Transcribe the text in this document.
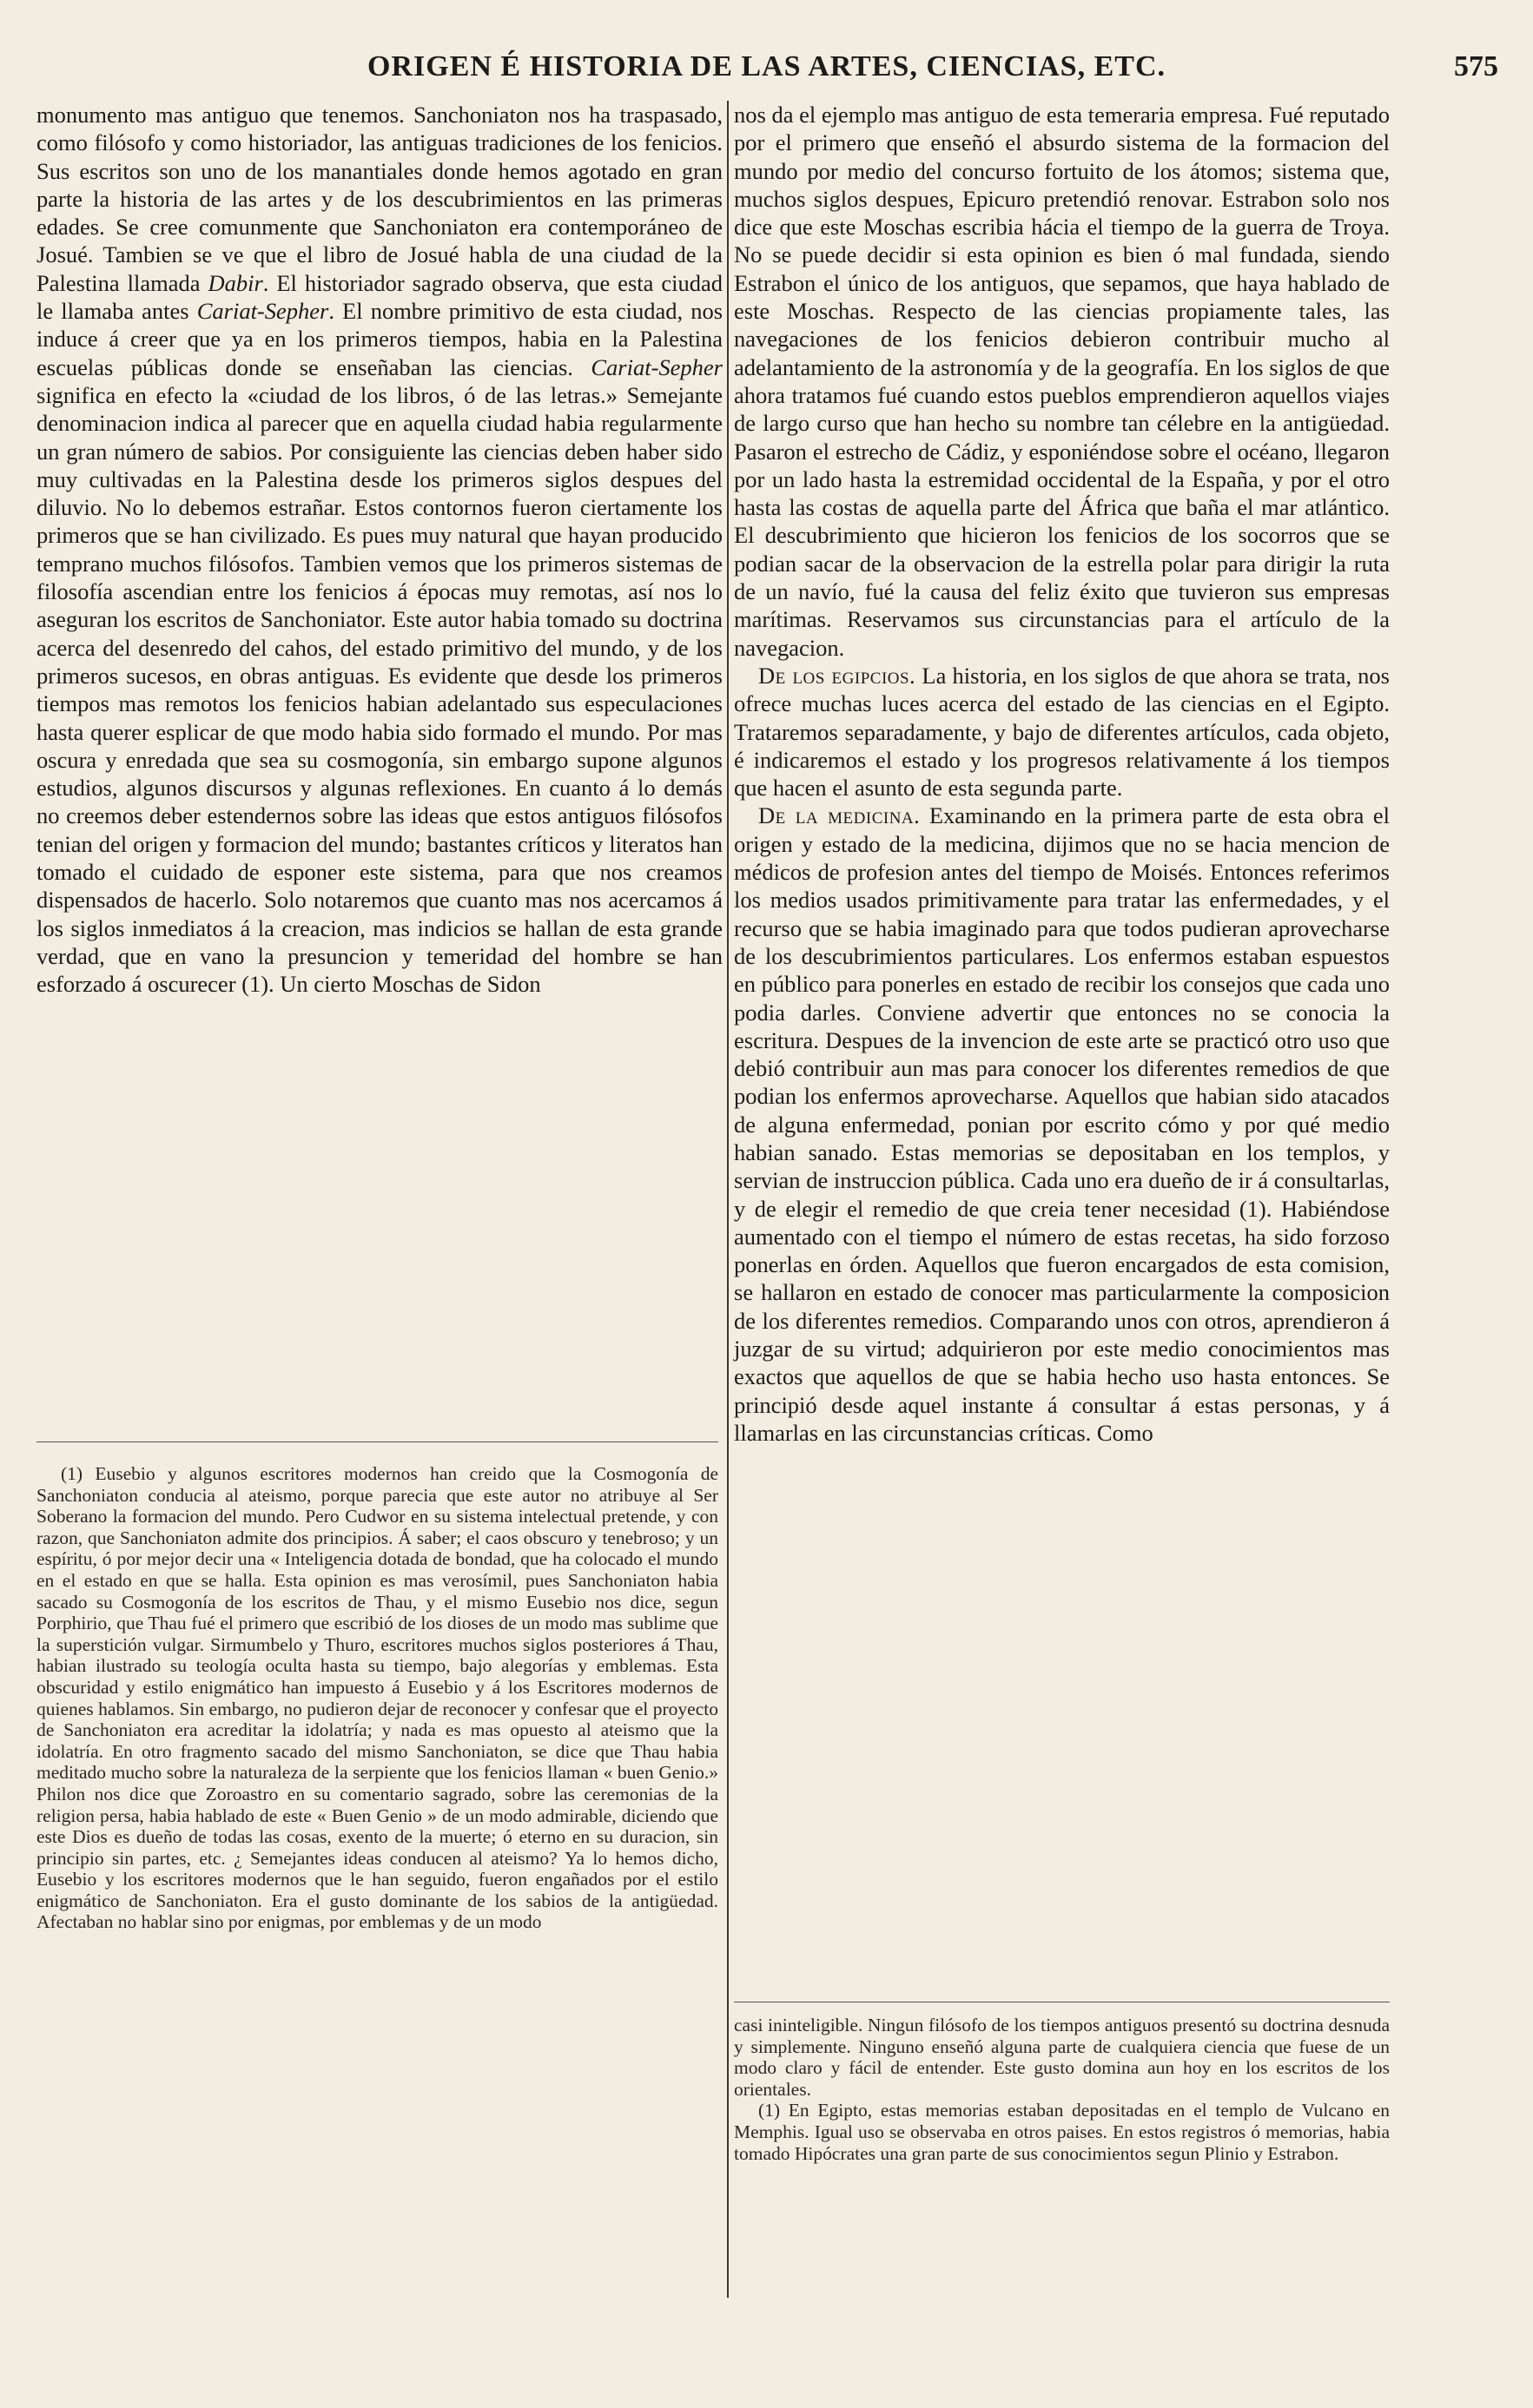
ORIGEN É HISTORIA DE LAS ARTES, CIENCIAS, ETC.	575

monumento mas antiguo que tenemos. Sanchoniaton nos ha traspasado, como filósofo y como historiador, las antiguas tradiciones de los fenicios. Sus escritos son uno de los manantiales donde hemos agotado en gran parte la historia de las artes y de los descubrimientos en las primeras edades. Se cree comunmente que Sanchoniaton era contemporáneo de Josué. Tambien se ve que el libro de Josué habla de una ciudad de la Palestina llamada Dabir. El historiador sagrado observa, que esta ciudad le llamaba antes Cariat-Sepher. El nombre primitivo de esta ciudad, nos induce á creer que ya en los primeros tiempos, habia en la Palestina escuelas públicas donde se enseñaban las ciencias. Cariat-Sepher significa en efecto la «ciudad de los libros, ó de las letras.» Semejante denominacion indica al parecer que en aquella ciudad habia regularmente un gran número de sabios. Por consiguiente las ciencias deben haber sido muy cultivadas en la Palestina desde los primeros siglos despues del diluvio. No lo debemos estrañar. Estos contornos fueron ciertamente los primeros que se han civilizado. Es pues muy natural que hayan producido temprano muchos filósofos. Tambien vemos que los primeros sistemas de filosofía ascendian entre los fenicios á épocas muy remotas, así nos lo aseguran los escritos de Sanchoniator. Este autor habia tomado su doctrina acerca del desenredo del cahos, del estado primitivo del mundo, y de los primeros sucesos, en obras antiguas. Es evidente que desde los primeros tiempos mas remotos los fenicios habian adelantado sus especulaciones hasta querer esplicar de que modo habia sido formado el mundo. Por mas oscura y enredada que sea su cosmogonía, sin embargo supone algunos estudios, algunos discursos y algunas reflexiones. En cuanto á lo demás no creemos deber estendernos sobre las ideas que estos antiguos filósofos tenian del origen y formacion del mundo; bastantes críticos y literatos han tomado el cuidado de esponer este sistema, para que nos creamos dispensados de hacerlo. Solo notaremos que cuanto mas nos acercamos á los siglos inmediatos á la creacion, mas indicios se hallan de esta grande verdad, que en vano la presuncion y temeridad del hombre se han esforzado á oscurecer (1). Un cierto Moschas de Sidon

nos da el ejemplo mas antiguo de esta temeraria empresa. Fué reputado por el primero que enseñó el absurdo sistema de la formacion del mundo por medio del concurso fortuito de los átomos; sistema que, muchos siglos despues, Epicuro pretendió renovar. Estrabon solo nos dice que este Moschas escribia hácia el tiempo de la guerra de Troya. No se puede decidir si esta opinion es bien ó mal fundada, siendo Estrabon el único de los antiguos, que sepamos, que haya hablado de este Moschas. Respecto de las ciencias propiamente tales, las navegaciones de los fenicios debieron contribuir mucho al adelantamiento de la astronomía y de la geografía. En los siglos de que ahora tratamos fué cuando estos pueblos emprendieron aquellos viajes de largo curso que han hecho su nombre tan célebre en la antigüedad. Pasaron el estrecho de Cádiz, y esponiéndose sobre el océano, llegaron por un lado hasta la estremidad occidental de la España, y por el otro hasta las costas de aquella parte del África que baña el mar atlántico. El descubrimiento que hicieron los fenicios de los socorros que se podian sacar de la observacion de la estrella polar para dirigir la ruta de un navío, fué la causa del feliz éxito que tuvieron sus empresas marítimas. Reservamos sus circunstancias para el artículo de la navegacion.

De los egipcios. La historia, en los siglos de que ahora se trata, nos ofrece muchas luces acerca del estado de las ciencias en el Egipto. Trataremos separadamente, y bajo de diferentes artículos, cada objeto, é indicaremos el estado y los progresos relativamente á los tiempos que hacen el asunto de esta segunda parte.

De la medicina. Examinando en la primera parte de esta obra el origen y estado de la medicina, dijimos que no se hacia mencion de médicos de profesion antes del tiempo de Moisés. Entonces referimos los medios usados primitivamente para tratar las enfermedades, y el recurso que se habia imaginado para que todos pudieran aprovecharse de los descubrimientos particulares. Los enfermos estaban espuestos en público para ponerles en estado de recibir los consejos que cada uno podia darles. Conviene advertir que entonces no se conocia la escritura. Despues de la invencion de este arte se practicó otro uso que debió contribuir aun mas para conocer los diferentes remedios de que podian los enfermos aprovecharse. Aquellos que habian sido atacados de alguna enfermedad, ponian por escrito cómo y por qué medio habian sanado. Estas memorias se depositaban en los templos, y servian de instruccion pública. Cada uno era dueño de ir á consultarlas, y de elegir el remedio de que creia tener necesidad (1). Habiéndose aumentado con el tiempo el número de estas recetas, ha sido forzoso ponerlas en órden. Aquellos que fueron encargados de esta comision, se hallaron en estado de conocer mas particularmente la composicion de los diferentes remedios. Comparando unos con otros, aprendieron á juzgar de su virtud; adquirieron por este medio conocimientos mas exactos que aquellos de que se habia hecho uso hasta entonces. Se principió desde aquel instante á consultar á estas personas, y á llamarlas en las circunstancias críticas. Como

(1) Eusebio y algunos escritores modernos han creido que la Cosmogonía de Sanchoniaton conducia al ateismo, porque parecia que este autor no atribuye al Ser Soberano la formacion del mundo. Pero Cudwor en su sistema intelectual pretende, y con razon, que Sanchoniaton admite dos principios. Á saber; el caos obscuro y tenebroso; y un espíritu, ó por mejor decir una « Inteligencia dotada de bondad, que ha colocado el mundo en el estado en que se halla. Esta opinion es mas verosímil, pues Sanchoniaton habia sacado su Cosmogonía de los escritos de Thau, y el mismo Eusebio nos dice, segun Porphirio, que Thau fué el primero que escribió de los dioses de un modo mas sublime que la superstición vulgar. Sirmumbelo y Thuro, escritores muchos siglos posteriores á Thau, habian ilustrado su teología oculta hasta su tiempo, bajo alegorías y emblemas. Esta obscuridad y estilo enigmático han impuesto á Eusebio y á los Escritores modernos de quienes hablamos. Sin embargo, no pudieron dejar de reconocer y confesar que el proyecto de Sanchoniaton era acreditar la idolatría; y nada es mas opuesto al ateismo que la idolatría. En otro fragmento sacado del mismo Sanchoniaton, se dice que Thau habia meditado mucho sobre la naturaleza de la serpiente que los fenicios llaman « buen Genio.» Philon nos dice que Zoroastro en su comentario sagrado, sobre las ceremonias de la religion persa, habia hablado de este « Buen Genio » de un modo admirable, diciendo que este Dios es dueño de todas las cosas, exento de la muerte; ó eterno en su duracion, sin principio sin partes, etc. ¿ Semejantes ideas conducen al ateismo? Ya lo hemos dicho, Eusebio y los escritores modernos que le han seguido, fueron engañados por el estilo enigmático de Sanchoniaton. Era el gusto dominante de los sabios de la antigüedad. Afectaban no hablar sino por enigmas, por emblemas y de un modo

casi ininteligible. Ningun filósofo de los tiempos antiguos presentó su doctrina desnuda y simplemente. Ninguno enseñó alguna parte de cualquiera ciencia que fuese de un modo claro y fácil de entender. Este gusto domina aun hoy en los escritos de los orientales.

(1) En Egipto, estas memorias estaban depositadas en el templo de Vulcano en Memphis. Igual uso se observaba en otros paises. En estos registros ó memorias, habia tomado Hipócrates una gran parte de sus conocimientos segun Plinio y Estrabon.
